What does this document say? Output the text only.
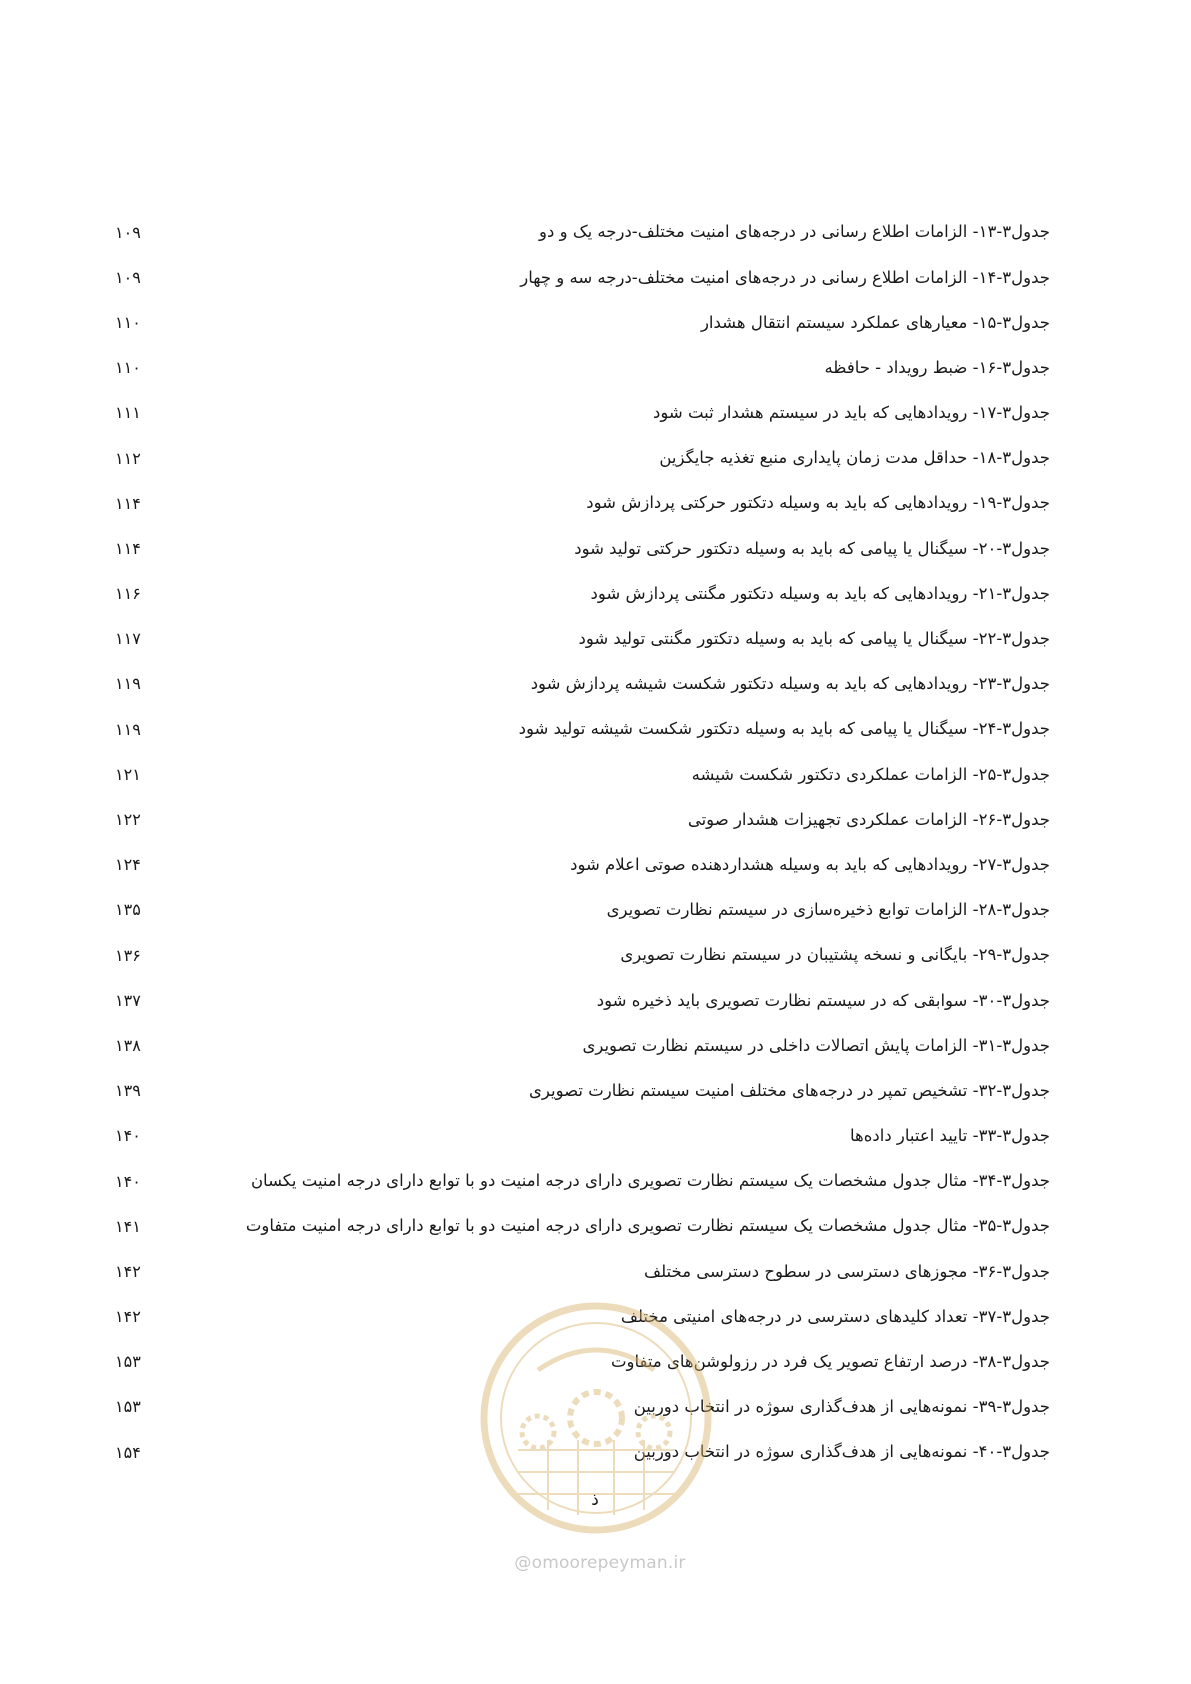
جدول۳-۱۳- الزامات اطلاع رسانی در درجه‌های امنیت مختلف-درجه یک و دو
۱۰۹
جدول۳-۱۴- الزامات اطلاع رسانی در درجه‌های امنیت مختلف-درجه سه و چهار
۱۰۹
جدول۳-۱۵- معیارهای عملکرد سیستم انتقال هشدار
۱۱۰
جدول۳-۱۶- ضبط رویداد - حافظه
۱۱۰
جدول۳-۱۷- رویدادهایی که باید در سیستم هشدار ثبت شود
۱۱۱
جدول۳-۱۸- حداقل مدت زمان پایداری منبع تغذیه جایگزین
۱۱۲
جدول۳-۱۹- رویدادهایی که باید به وسیله دتکتور حرکتی پردازش شود
۱۱۴
جدول۳-۲۰- سیگنال یا پیامی که باید به وسیله دتکتور حرکتی تولید شود
۱۱۴
جدول۳-۲۱- رویدادهایی که باید به وسیله دتکتور مگنتی پردازش شود
۱۱۶
جدول۳-۲۲- سیگنال یا پیامی که باید به وسیله دتکتور مگنتی تولید شود
۱۱۷
جدول۳-۲۳- رویدادهایی که باید به وسیله دتکتور شکست شیشه پردازش شود
۱۱۹
جدول۳-۲۴- سیگنال یا پیامی که باید به وسیله دتکتور شکست شیشه تولید شود
۱۱۹
جدول۳-۲۵- الزامات عملکردی دتکتور شکست شیشه
۱۲۱
جدول۳-۲۶- الزامات عملکردی تجهیزات هشدار صوتی
۱۲۲
جدول۳-۲۷- رویدادهایی که باید به وسیله هشداردهنده صوتی اعلام شود
۱۲۴
جدول۳-۲۸- الزامات توابع ذخیره‌سازی در سیستم نظارت تصویری
۱۳۵
جدول۳-۲۹- بایگانی و نسخه پشتیبان در سیستم نظارت تصویری
۱۳۶
جدول۳-۳۰- سوابقی که در سیستم نظارت تصویری باید ذخیره شود
۱۳۷
جدول۳-۳۱- الزامات پایش اتصالات داخلی در سیستم نظارت تصویری
۱۳۸
جدول۳-۳۲- تشخیص تمپر در درجه‌های مختلف امنیت سیستم نظارت تصویری
۱۳۹
جدول۳-۳۳- تایید اعتبار داده‌ها
۱۴۰
جدول۳-۳۴- مثال جدول مشخصات یک سیستم نظارت تصویری دارای درجه امنیت دو با توابع دارای درجه امنیت یکسان
۱۴۰
جدول۳-۳۵- مثال جدول مشخصات یک سیستم نظارت تصویری دارای درجه امنیت دو با توابع دارای درجه امنیت متفاوت
۱۴۱
جدول۳-۳۶- مجوزهای دسترسی در سطوح دسترسی مختلف
۱۴۲
جدول۳-۳۷- تعداد کلیدهای دسترسی در درجه‌های امنیتی مختلف
۱۴۲
جدول۳-۳۸- درصد ارتفاع تصویر یک فرد در رزولوشن‌های متفاوت
۱۵۳
جدول۳-۳۹- نمونه‌هایی از هدف‌گذاری سوژه در انتخاب دوربین
۱۵۳
جدول۳-۴۰- نمونه‌هایی از هدف‌گذاری سوژه در انتخاب دوربین
۱۵۴
ذ
@omoorepeyman.ir
